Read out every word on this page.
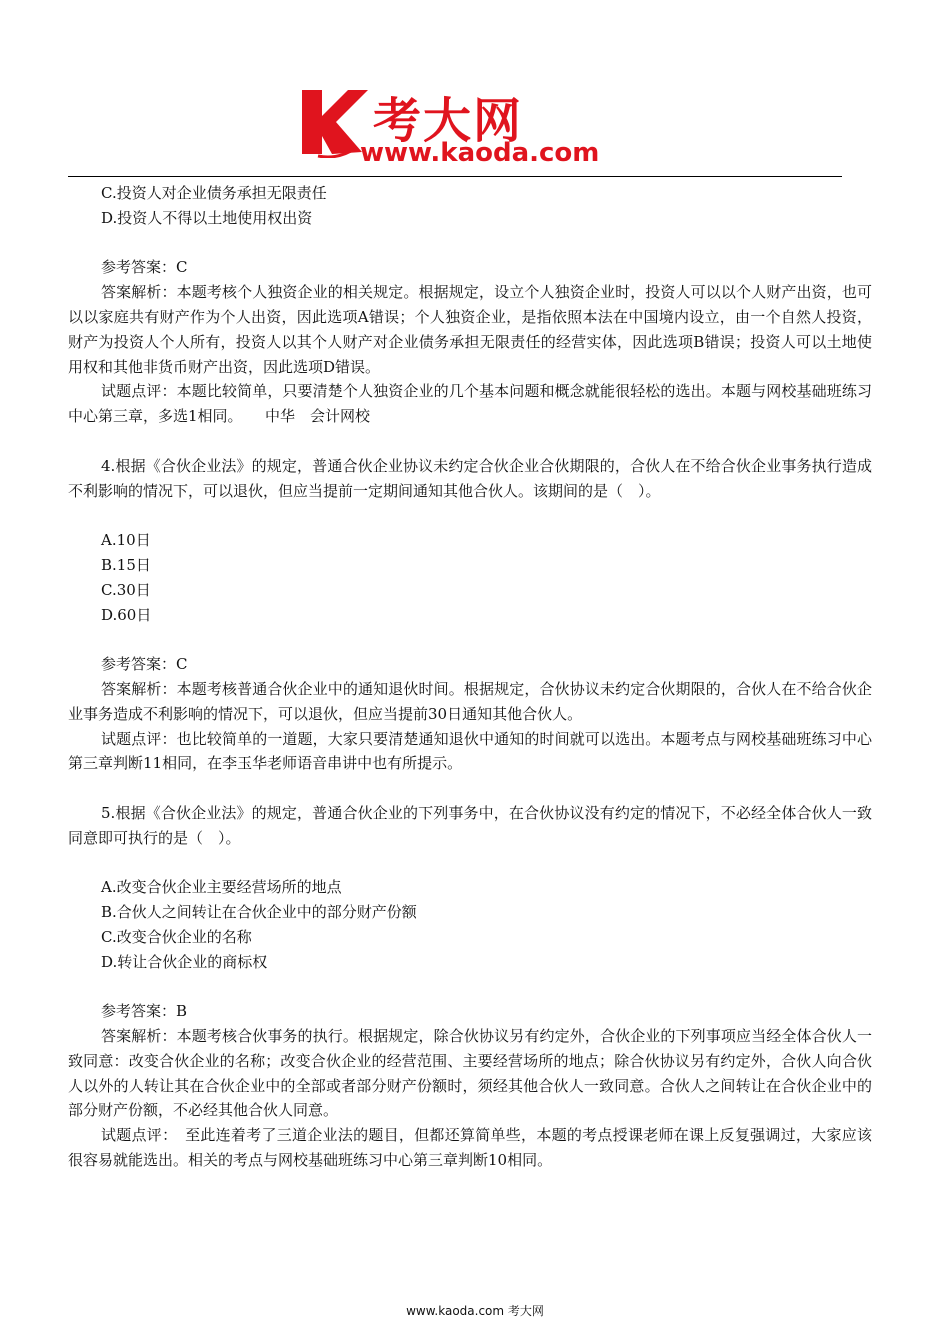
考大网
www.kaoda.com

C.投资人对企业债务承担无限责任

D.投资人不得以土地使用权出资

参考答案：C

答案解析：本题考核个人独资企业的相关规定。根据规定，设立个人独资企业时，投资人可以以个人财产出资，也可以以家庭共有财产作为个人出资，因此选项A错误；个人独资企业，是指依照本法在中国境内设立，由一个自然人投资，财产为投资人个人所有，投资人以其个人财产对企业债务承担无限责任的经营实体，因此选项B错误；投资人可以土地使用权和其他非货币财产出资，因此选项D错误。

试题点评：本题比较简单，只要清楚个人独资企业的几个基本问题和概念就能很轻松的选出。本题与网校基础班练习中心第三章，多选1相同。　　中华　会计网校

4.根据《合伙企业法》的规定，普通合伙企业协议未约定合伙企业合伙期限的，合伙人在不给合伙企业事务执行造成不利影响的情况下，可以退伙，但应当提前一定期间通知其他合伙人。该期间的是（　）。

A.10日

B.15日

C.30日

D.60日

参考答案：C

答案解析：本题考核普通合伙企业中的通知退伙时间。根据规定，合伙协议未约定合伙期限的，合伙人在不给合伙企业事务造成不利影响的情况下，可以退伙，但应当提前30日通知其他合伙人。

试题点评：也比较简单的一道题，大家只要清楚通知退伙中通知的时间就可以选出。本题考点与网校基础班练习中心第三章判断11相同，在李玉华老师语音串讲中也有所提示。

5.根据《合伙企业法》的规定，普通合伙企业的下列事务中，在合伙协议没有约定的情况下，不必经全体合伙人一致同意即可执行的是（　）。

A.改变合伙企业主要经营场所的地点

B.合伙人之间转让在合伙企业中的部分财产份额

C.改变合伙企业的名称

D.转让合伙企业的商标权

参考答案：B

答案解析：本题考核合伙事务的执行。根据规定，除合伙协议另有约定外，合伙企业的下列事项应当经全体合伙人一致同意：改变合伙企业的名称；改变合伙企业的经营范围、主要经营场所的地点；除合伙协议另有约定外，合伙人向合伙人以外的人转让其在合伙企业中的全部或者部分财产份额时，须经其他合伙人一致同意。合伙人之间转让在合伙企业中的部分财产份额，不必经其他合伙人同意。

试题点评：　至此连着考了三道企业法的题目，但都还算简单些，本题的考点授课老师在课上反复强调过，大家应该很容易就能选出。相关的考点与网校基础班练习中心第三章判断10相同。

www.kaoda.com 考大网
